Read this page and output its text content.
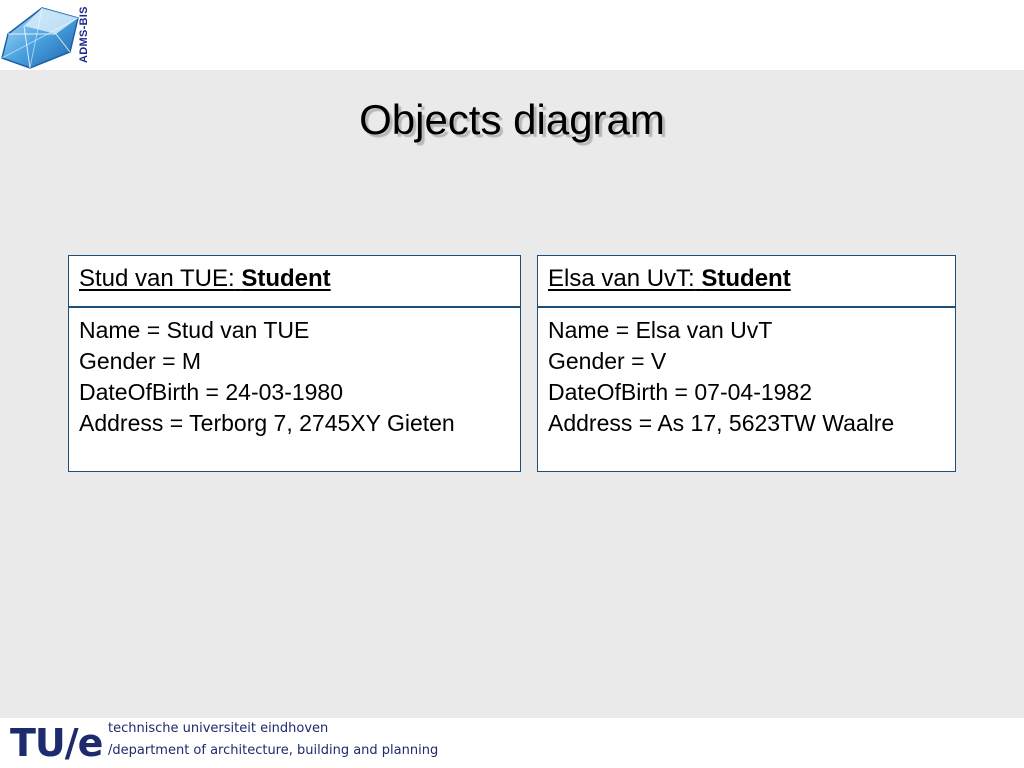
ADMS-BIS
Objects diagram
Stud van TUE: Student
Name = Stud van TUE
Gender = M
DateOfBirth = 24-03-1980
Address = Terborg 7, 2745XY Gieten
Elsa van UvT: Student
Name = Elsa van UvT
Gender = V
DateOfBirth = 07-04-1982
Address = As 17, 5623TW Waalre
TU/e technische universiteit eindhoven
/department of architecture, building and planning
